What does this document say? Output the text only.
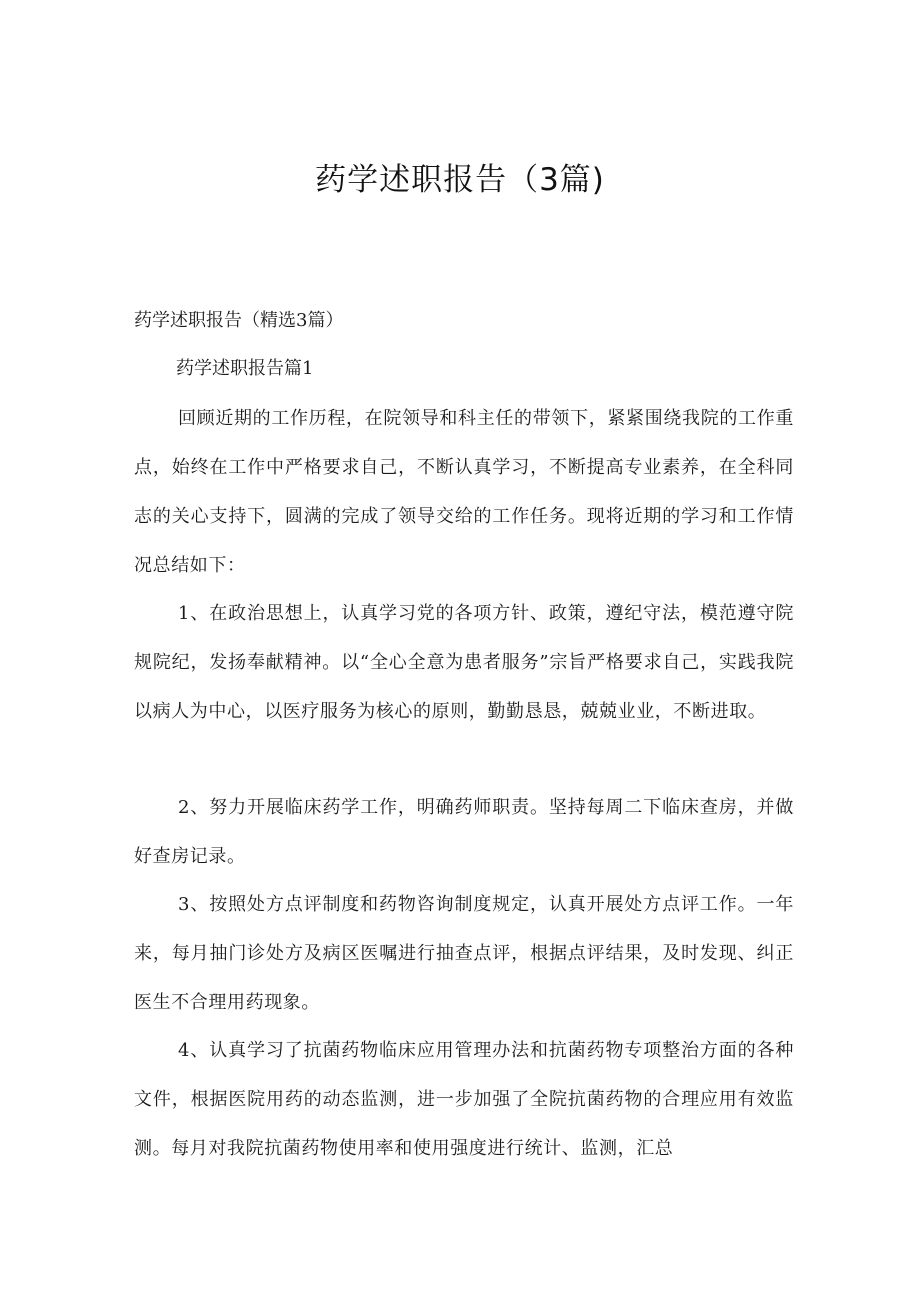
药学述职报告（3篇)
药学述职报告（精选3篇）
药学述职报告篇1
回顾近期的工作历程，在院领导和科主任的带领下，紧紧围绕我院的工作重点，始终在工作中严格要求自己，不断认真学习，不断提高专业素养，在全科同志的关心支持下，圆满的完成了领导交给的工作任务。现将近期的学习和工作情况总结如下：
1、在政治思想上，认真学习党的各项方针、政策，遵纪守法，模范遵守院规院纪，发扬奉献精神。以“全心全意为患者服务”宗旨严格要求自己，实践我院以病人为中心，以医疗服务为核心的原则，勤勤恳恳，兢兢业业，不断进取。
2、努力开展临床药学工作，明确药师职责。坚持每周二下临床查房，并做好查房记录。
3、按照处方点评制度和药物咨询制度规定，认真开展处方点评工作。一年来，每月抽门诊处方及病区医嘱进行抽查点评，根据点评结果，及时发现、纠正医生不合理用药现象。
4、认真学习了抗菌药物临床应用管理办法和抗菌药物专项整治方面的各种文件，根据医院用药的动态监测，进一步加强了全院抗菌药物的合理应用有效监测。每月对我院抗菌药物使用率和使用强度进行统计、监测，汇总
